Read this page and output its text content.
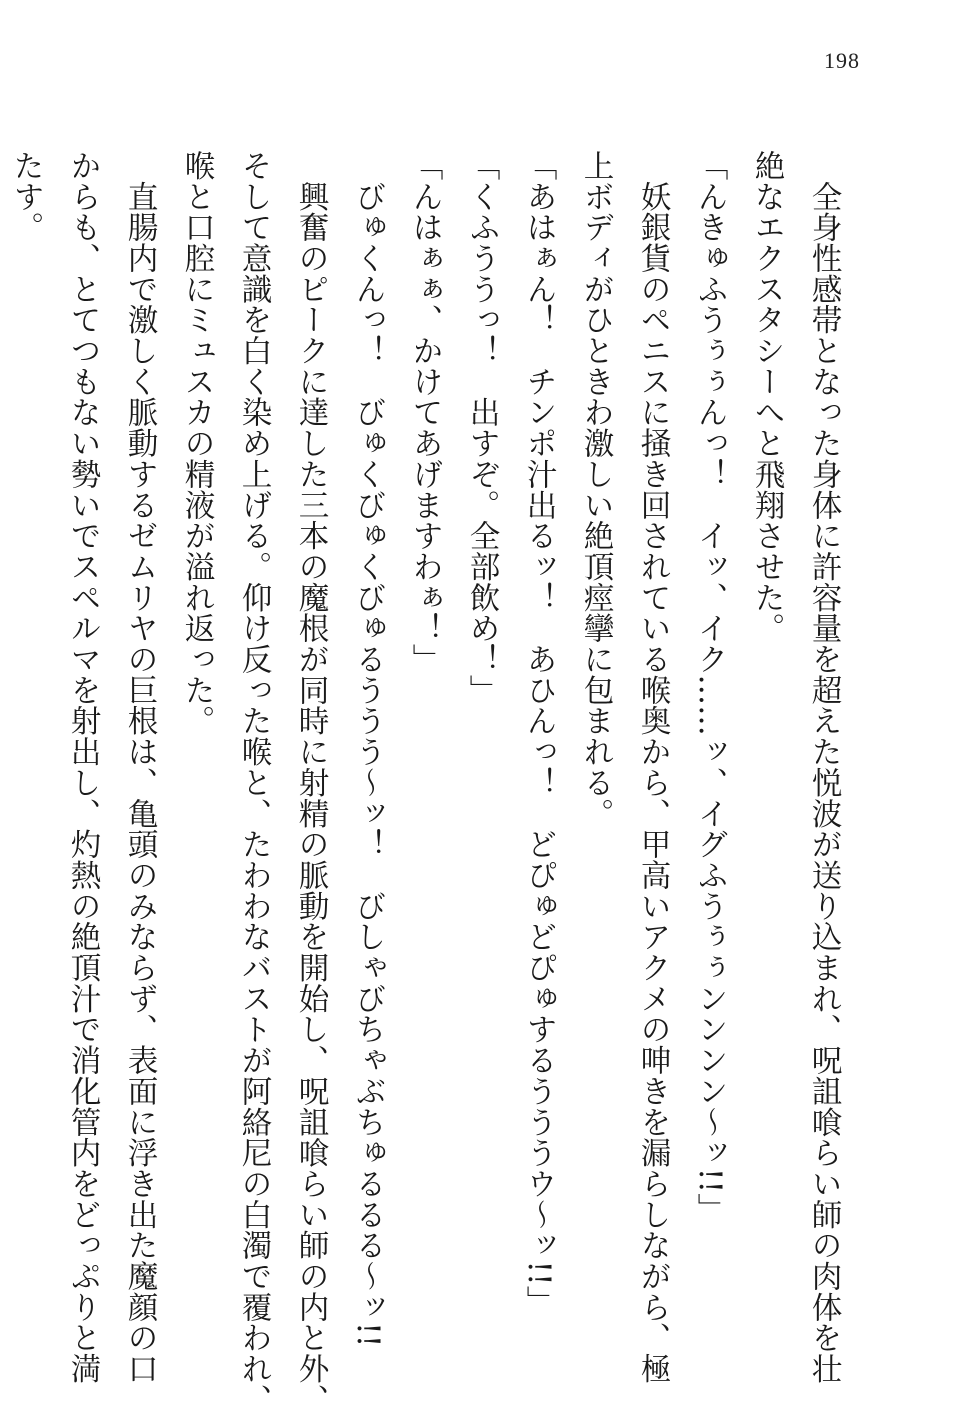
198
　全身性感帯となった身体に許容量を超えた悦波が送り込まれ、呪詛喰らい師の肉体を壮
絶なエクスタシーへと飛翔させた。
「んきゅふうぅぅんっ！　イッ、イク……ッ、イグふうぅぅンンンン〜ッ!!」
　妖銀貨のペニスに掻き回されている喉奥から、甲高いアクメの呻きを漏らしながら、極
上ボディがひときわ激しい絶頂痙攣に包まれる。
「あはぁん！　チンポ汁出るッ！　あひんっ！　どぴゅどぴゅするうううウ〜ッ!!」
「くふううっ！　出すぞ。全部飲め！」
「んはぁぁ、かけてあげますわぁ！」
　びゅくんっ！　びゅくびゅくびゅるううう〜ッ！　びしゃびちゃぶちゅるるる〜ッ!!
　興奮のピークに達した三本の魔根が同時に射精の脈動を開始し、呪詛喰らい師の内と外、
そして意識を白く染め上げる。仰け反った喉と、たわわなバストが阿絡尼の白濁で覆われ、
喉と口腔にミュスカの精液が溢れ返った。
　直腸内で激しく脈動するゼムリヤの巨根は、亀頭のみならず、表面に浮き出た魔顔の口
からも、とてつもない勢いでスペルマを射出し、灼熱の絶頂汁で消化管内をどっぷりと満
たす。
